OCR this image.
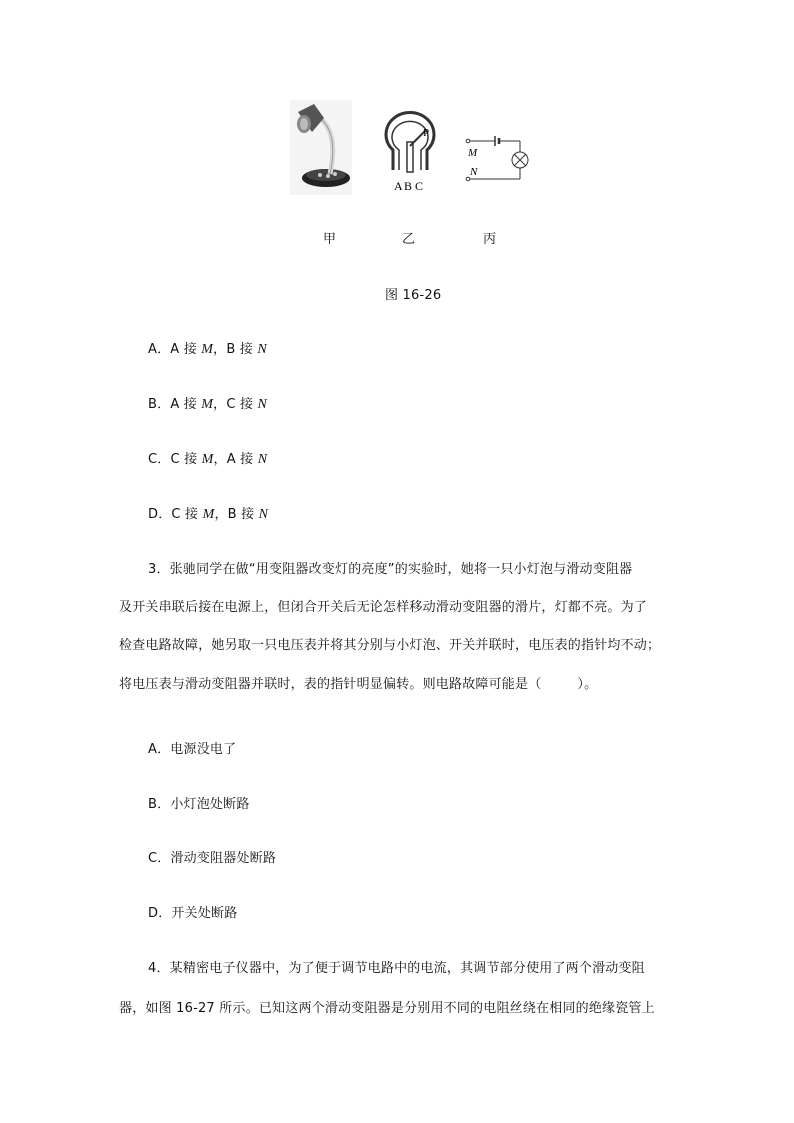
A B C
P
M
N
甲	乙	丙
图 16-26
A．A 接 M，B 接 N
B．A 接 M，C 接 N
C．C 接 M，A 接 N
D．C 接 M，B 接 N
3．张驰同学在做“用变阻器改变灯的亮度”的实验时，她将一只小灯泡与滑动变阻器
及开关串联后接在电源上，但闭合开关后无论怎样移动滑动变阻器的滑片，灯都不亮。为了
检查电路故障，她另取一只电压表并将其分别与小灯泡、开关并联时，电压表的指针均不动；
将电压表与滑动变阻器并联时，表的指针明显偏转。则电路故障可能是（	）。
A．电源没电了
B．小灯泡处断路
C．滑动变阻器处断路
D．开关处断路
4．某精密电子仪器中，为了便于调节电路中的电流，其调节部分使用了两个滑动变阻
器，如图 16-27 所示。已知这两个滑动变阻器是分别用不同的电阻丝绕在相同的绝缘瓷管上
